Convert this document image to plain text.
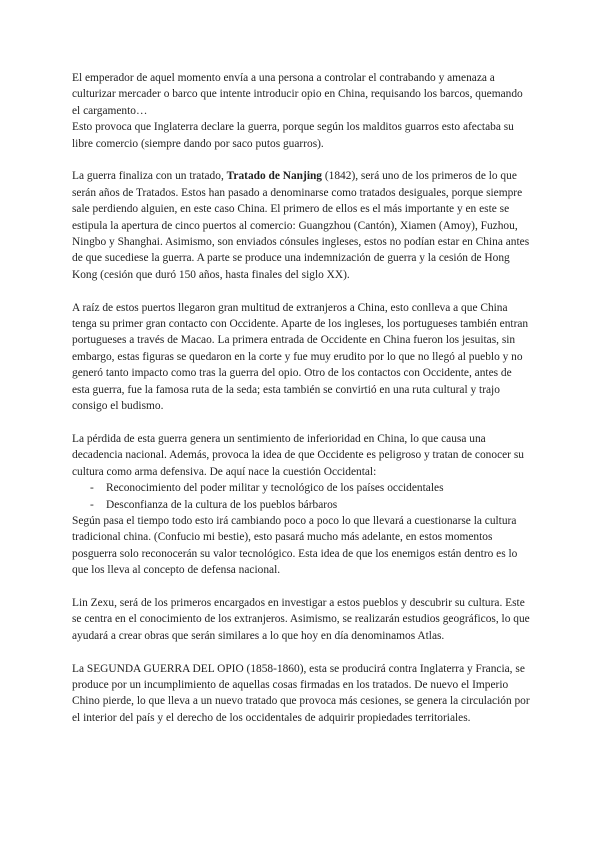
El emperador de aquel momento envía a una persona a controlar el contrabando y amenaza a culturizar mercader o barco que intente introducir opio en China, requisando los barcos, quemando el cargamento…

Esto provoca que Inglaterra declare la guerra, porque según los malditos guarros esto afectaba su libre comercio (siempre dando por saco putos guarros).

La guerra finaliza con un tratado, Tratado de Nanjing (1842), será uno de los primeros de lo que serán años de Tratados. Estos han pasado a denominarse como tratados desiguales, porque siempre sale perdiendo alguien, en este caso China. El primero de ellos es el más importante y en este se estipula la apertura de cinco puertos al comercio: Guangzhou (Cantón), Xiamen (Amoy), Fuzhou, Ningbo y Shanghai. Asimismo, son enviados cónsules ingleses, estos no podían estar en China antes de que sucediese la guerra. A parte se produce una indemnización de guerra y la cesión de Hong Kong (cesión que duró 150 años, hasta finales del siglo XX).

A raíz de estos puertos llegaron gran multitud de extranjeros a China, esto conlleva a que China tenga su primer gran contacto con Occidente. Aparte de los ingleses, los portugueses también entran portugueses a través de Macao. La primera entrada de Occidente en China fueron los jesuitas, sin embargo, estas figuras se quedaron en la corte y fue muy erudito por lo que no llegó al pueblo y no generó tanto impacto como tras la guerra del opio. Otro de los contactos con Occidente, antes de esta guerra, fue la famosa ruta de la seda; esta también se convirtió en una ruta cultural y trajo consigo el budismo.

La pérdida de esta guerra genera un sentimiento de inferioridad en China, lo que causa una decadencia nacional. Además, provoca la idea de que Occidente es peligroso y tratan de conocer su cultura como arma defensiva. De aquí nace la cuestión Occidental:

- Reconocimiento del poder militar y tecnológico de los países occidentales
- Desconfianza de la cultura de los pueblos bárbaros

Según pasa el tiempo todo esto irá cambiando poco a poco lo que llevará a cuestionarse la cultura tradicional china. (Confucio mi bestie), esto pasará mucho más adelante, en estos momentos posguerra solo reconocerán su valor tecnológico. Esta idea de que los enemigos están dentro es lo que los lleva al concepto de defensa nacional.

Lin Zexu, será de los primeros encargados en investigar a estos pueblos y descubrir su cultura. Este se centra en el conocimiento de los extranjeros. Asimismo, se realizarán estudios geográficos, lo que ayudará a crear obras que serán similares a lo que hoy en día denominamos Atlas.

La SEGUNDA GUERRA DEL OPIO (1858-1860), esta se producirá contra Inglaterra y Francia, se produce por un incumplimiento de aquellas cosas firmadas en los tratados. De nuevo el Imperio Chino pierde, lo que lleva a un nuevo tratado que provoca más cesiones, se genera la circulación por el interior del país y el derecho de los occidentales de adquirir propiedades territoriales.
